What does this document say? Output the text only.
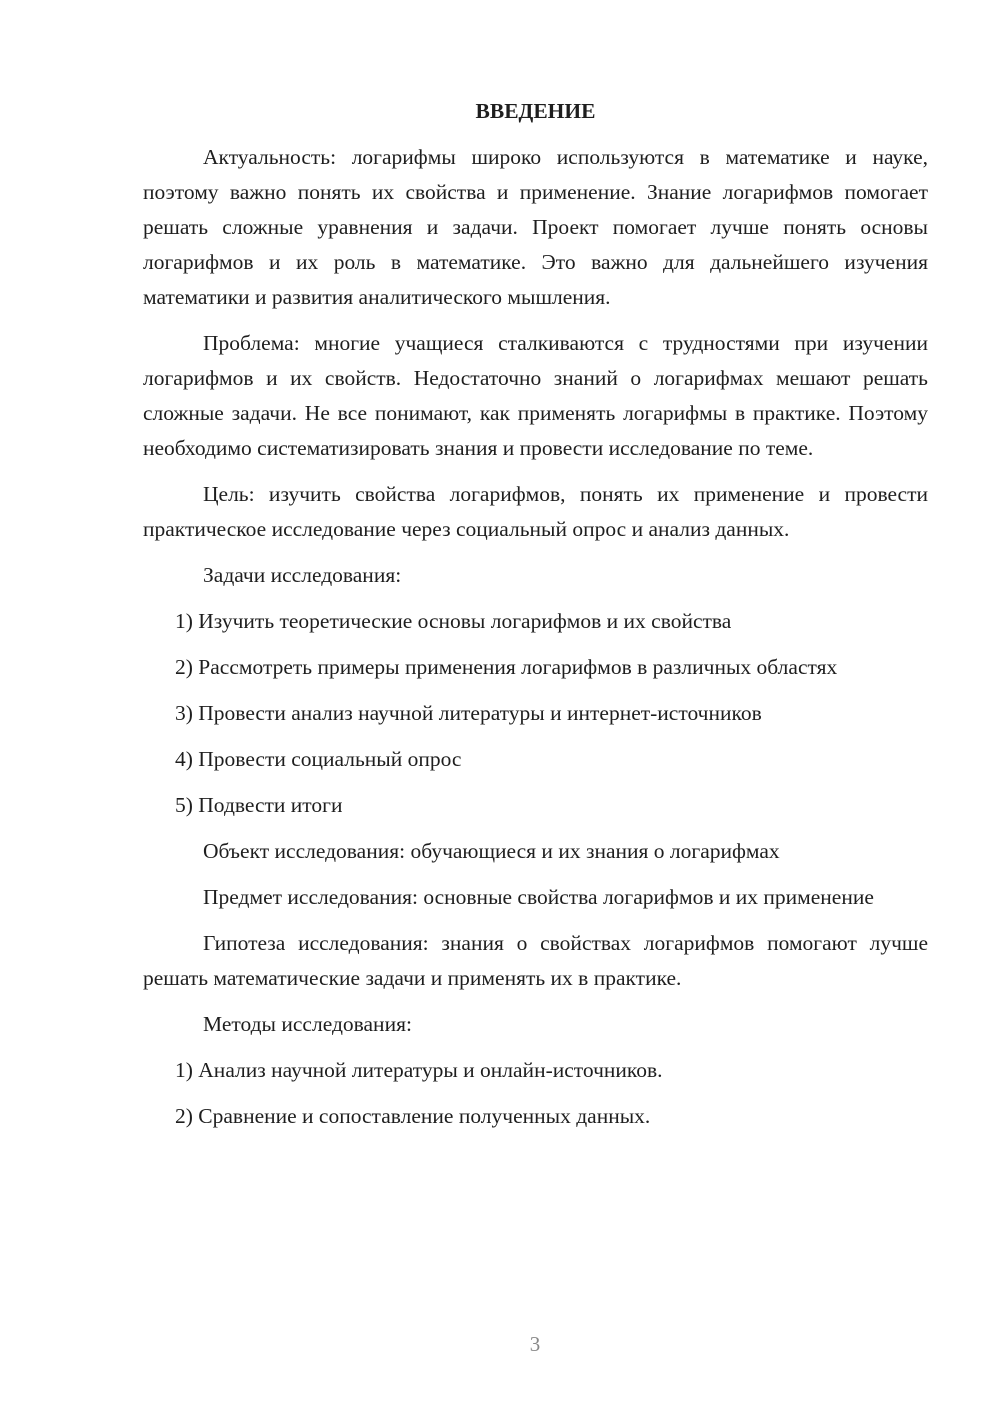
ВВЕДЕНИЕ

Актуальность: логарифмы широко используются в математике и науке, поэтому важно понять их свойства и применение. Знание логарифмов помогает решать сложные уравнения и задачи. Проект помогает лучше понять основы логарифмов и их роль в математике. Это важно для дальнейшего изучения математики и развития аналитического мышления.

Проблема: многие учащиеся сталкиваются с трудностями при изучении логарифмов и их свойств. Недостаточно знаний о логарифмах мешают решать сложные задачи. Не все понимают, как применять логарифмы в практике. Поэтому необходимо систематизировать знания и провести исследование по теме.

Цель: изучить свойства логарифмов, понять их применение и провести практическое исследование через социальный опрос и анализ данных.

Задачи исследования:

1) Изучить теоретические основы логарифмов и их свойства

2) Рассмотреть примеры применения логарифмов в различных областях

3) Провести анализ научной литературы и интернет-источников

4) Провести социальный опрос

5) Подвести итоги

Объект исследования: обучающиеся и их знания о логарифмах

Предмет исследования: основные свойства логарифмов и их применение

Гипотеза исследования: знания о свойствах логарифмов помогают лучше решать математические задачи и применять их в практике.

Методы исследования:

1) Анализ научной литературы и онлайн-источников.

2) Сравнение и сопоставление полученных данных.

3
